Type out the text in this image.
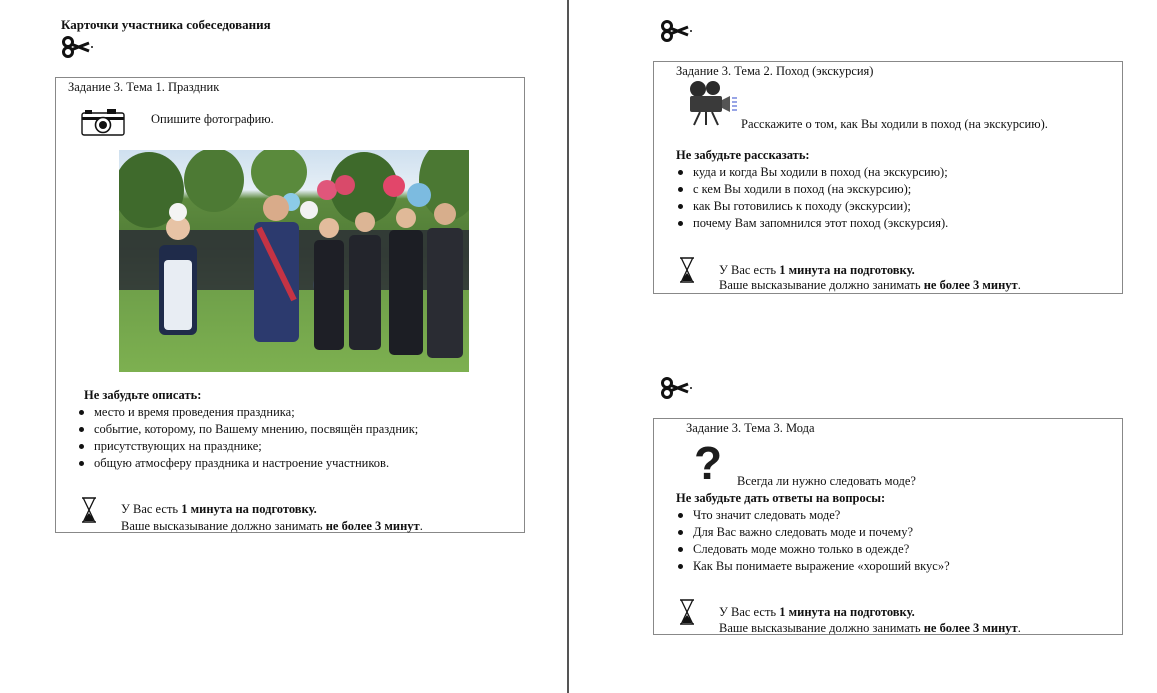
Карточки участника собеседования
Задание 3. Тема 1. Праздник
Опишите фотографию.
Не забудьте описать:
место и время проведения праздника;
событие, которому, по Вашему мнению, посвящён праздник;
присутствующих на празднике;
общую атмосферу праздника и настроение участников.
У Вас есть 1 минута на подготовку.
Ваше высказывание должно занимать не более 3 минут.
Задание 3. Тема 2. Поход (экскурсия)
Расскажите о том, как Вы ходили в поход (на экскурсию).
Не забудьте рассказать:
куда и когда Вы ходили в поход (на экскурсию);
с кем Вы ходили в поход (на экскурсию);
как Вы готовились к походу (экскурсии);
почему Вам запомнился этот поход (экскурсия).
У Вас есть 1 минута на подготовку.
Ваше высказывание должно занимать не более 3 минут.
Задание 3. Тема 3. Мода
? Всегда ли нужно следовать моде?
Не забудьте дать ответы на вопросы:
Что значит следовать моде?
Для Вас важно следовать моде и почему?
Следовать моде можно только в одежде?
Как Вы понимаете выражение «хороший вкус»?
У Вас есть 1 минута на подготовку.
Ваше высказывание должно занимать не более 3 минут.
